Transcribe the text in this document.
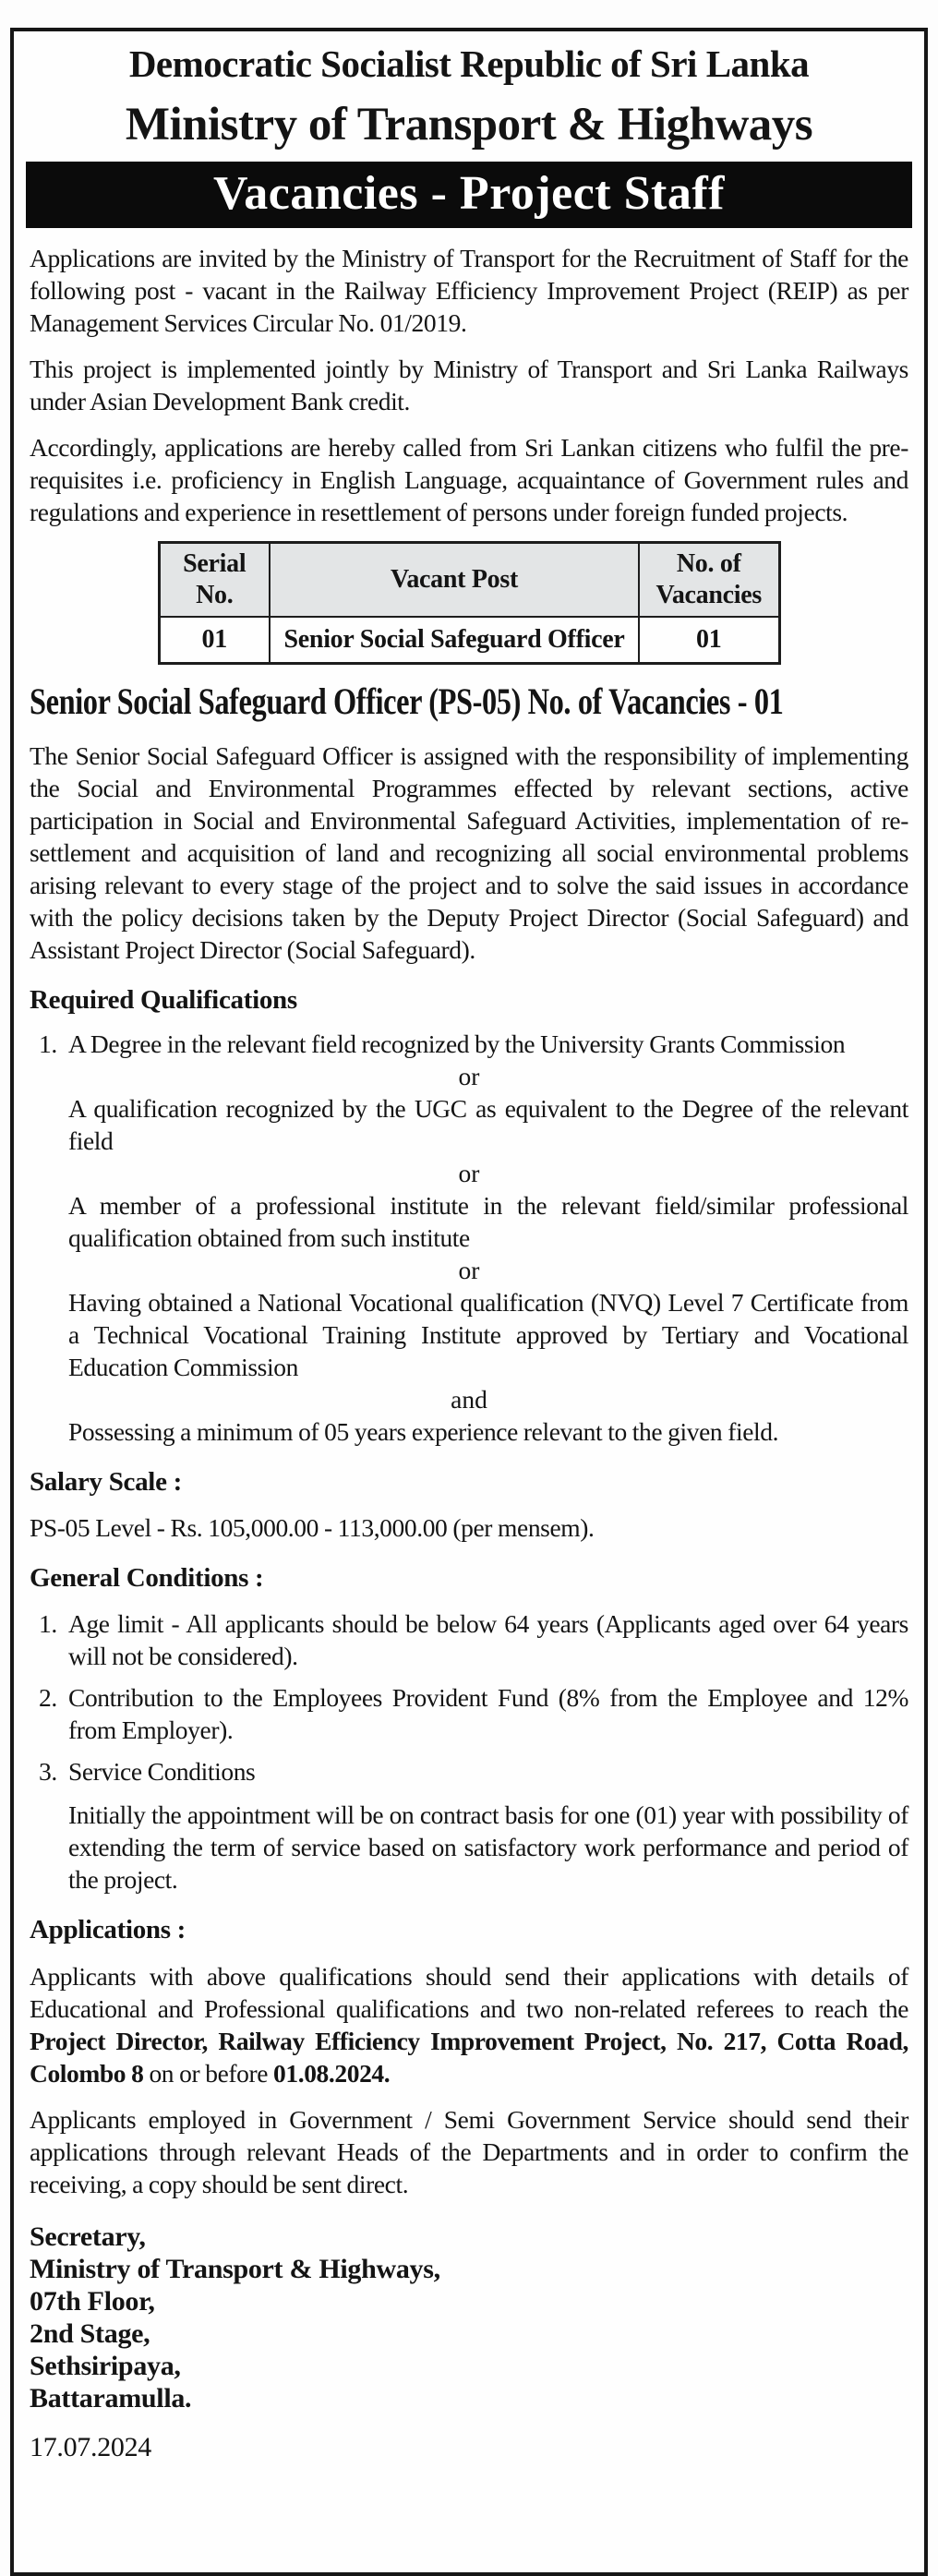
Democratic Socialist Republic of Sri Lanka
Ministry of Transport & Highways
Vacancies - Project Staff

Applications are invited by the Ministry of Transport for the Recruitment of Staff for the following post - vacant in the Railway Efficiency Improvement Project (REIP) as per Management Services Circular No. 01/2019.

This project is implemented jointly by Ministry of Transport and Sri Lanka Railways under Asian Development Bank credit.

Accordingly, applications are hereby called from Sri Lankan citizens who fulfil the pre-requisites i.e. proficiency in English Language, acquaintance of Government rules and regulations and experience in resettlement of persons under foreign funded projects.

Serial No.	Vacant Post	No. of Vacancies
01	Senior Social Safeguard Officer	01
Senior Social Safeguard Officer (PS-05) No. of Vacancies - 01

The Senior Social Safeguard Officer is assigned with the responsibility of implementing the Social and Environmental Programmes effected by relevant sections, active participation in Social and Environmental Safeguard Activities, implementation of re-settlement and acquisition of land and recognizing all social environmental problems arising relevant to every stage of the project and to solve the said issues in accordance with the policy decisions taken by the Deputy Project Director (Social Safeguard) and Assistant Project Director (Social Safeguard).

Required Qualifications
1. A Degree in the relevant field recognized by the University Grants Commission

or

A qualification recognized by the UGC as equivalent to the Degree of the relevant field

or

A member of a professional institute in the relevant field/similar professional qualification obtained from such institute

or

Having obtained a National Vocational qualification (NVQ) Level 7 Certificate from a Technical Vocational Training Institute approved by Tertiary and Vocational Education Commission

and

Possessing a minimum of 05 years experience relevant to the given field.

Salary Scale :

PS-05 Level - Rs. 105,000.00 - 113,000.00 (per mensem).

General Conditions :
1. Age limit - All applicants should be below 64 years (Applicants aged over 64 years will not be considered).

2. Contribution to the Employees Provident Fund (8% from the Employee and 12% from Employer).

3. Service Conditions

Initially the appointment will be on contract basis for one (01) year with possibility of extending the term of service based on satisfactory work performance and period of the project.

Applications :

Applicants with above qualifications should send their applications with details of Educational and Professional qualifications and two non-related referees to reach the Project Director, Railway Efficiency Improvement Project, No. 217, Cotta Road, Colombo 8 on or before 01.08.2024.

Applicants employed in Government / Semi Government Service should send their applications through relevant Heads of the Departments and in order to confirm the receiving, a copy should be sent direct.

Secretary,
Ministry of Transport & Highways,
07th Floor,
2nd Stage,
Sethsiripaya,
Battaramulla.

17.07.2024
